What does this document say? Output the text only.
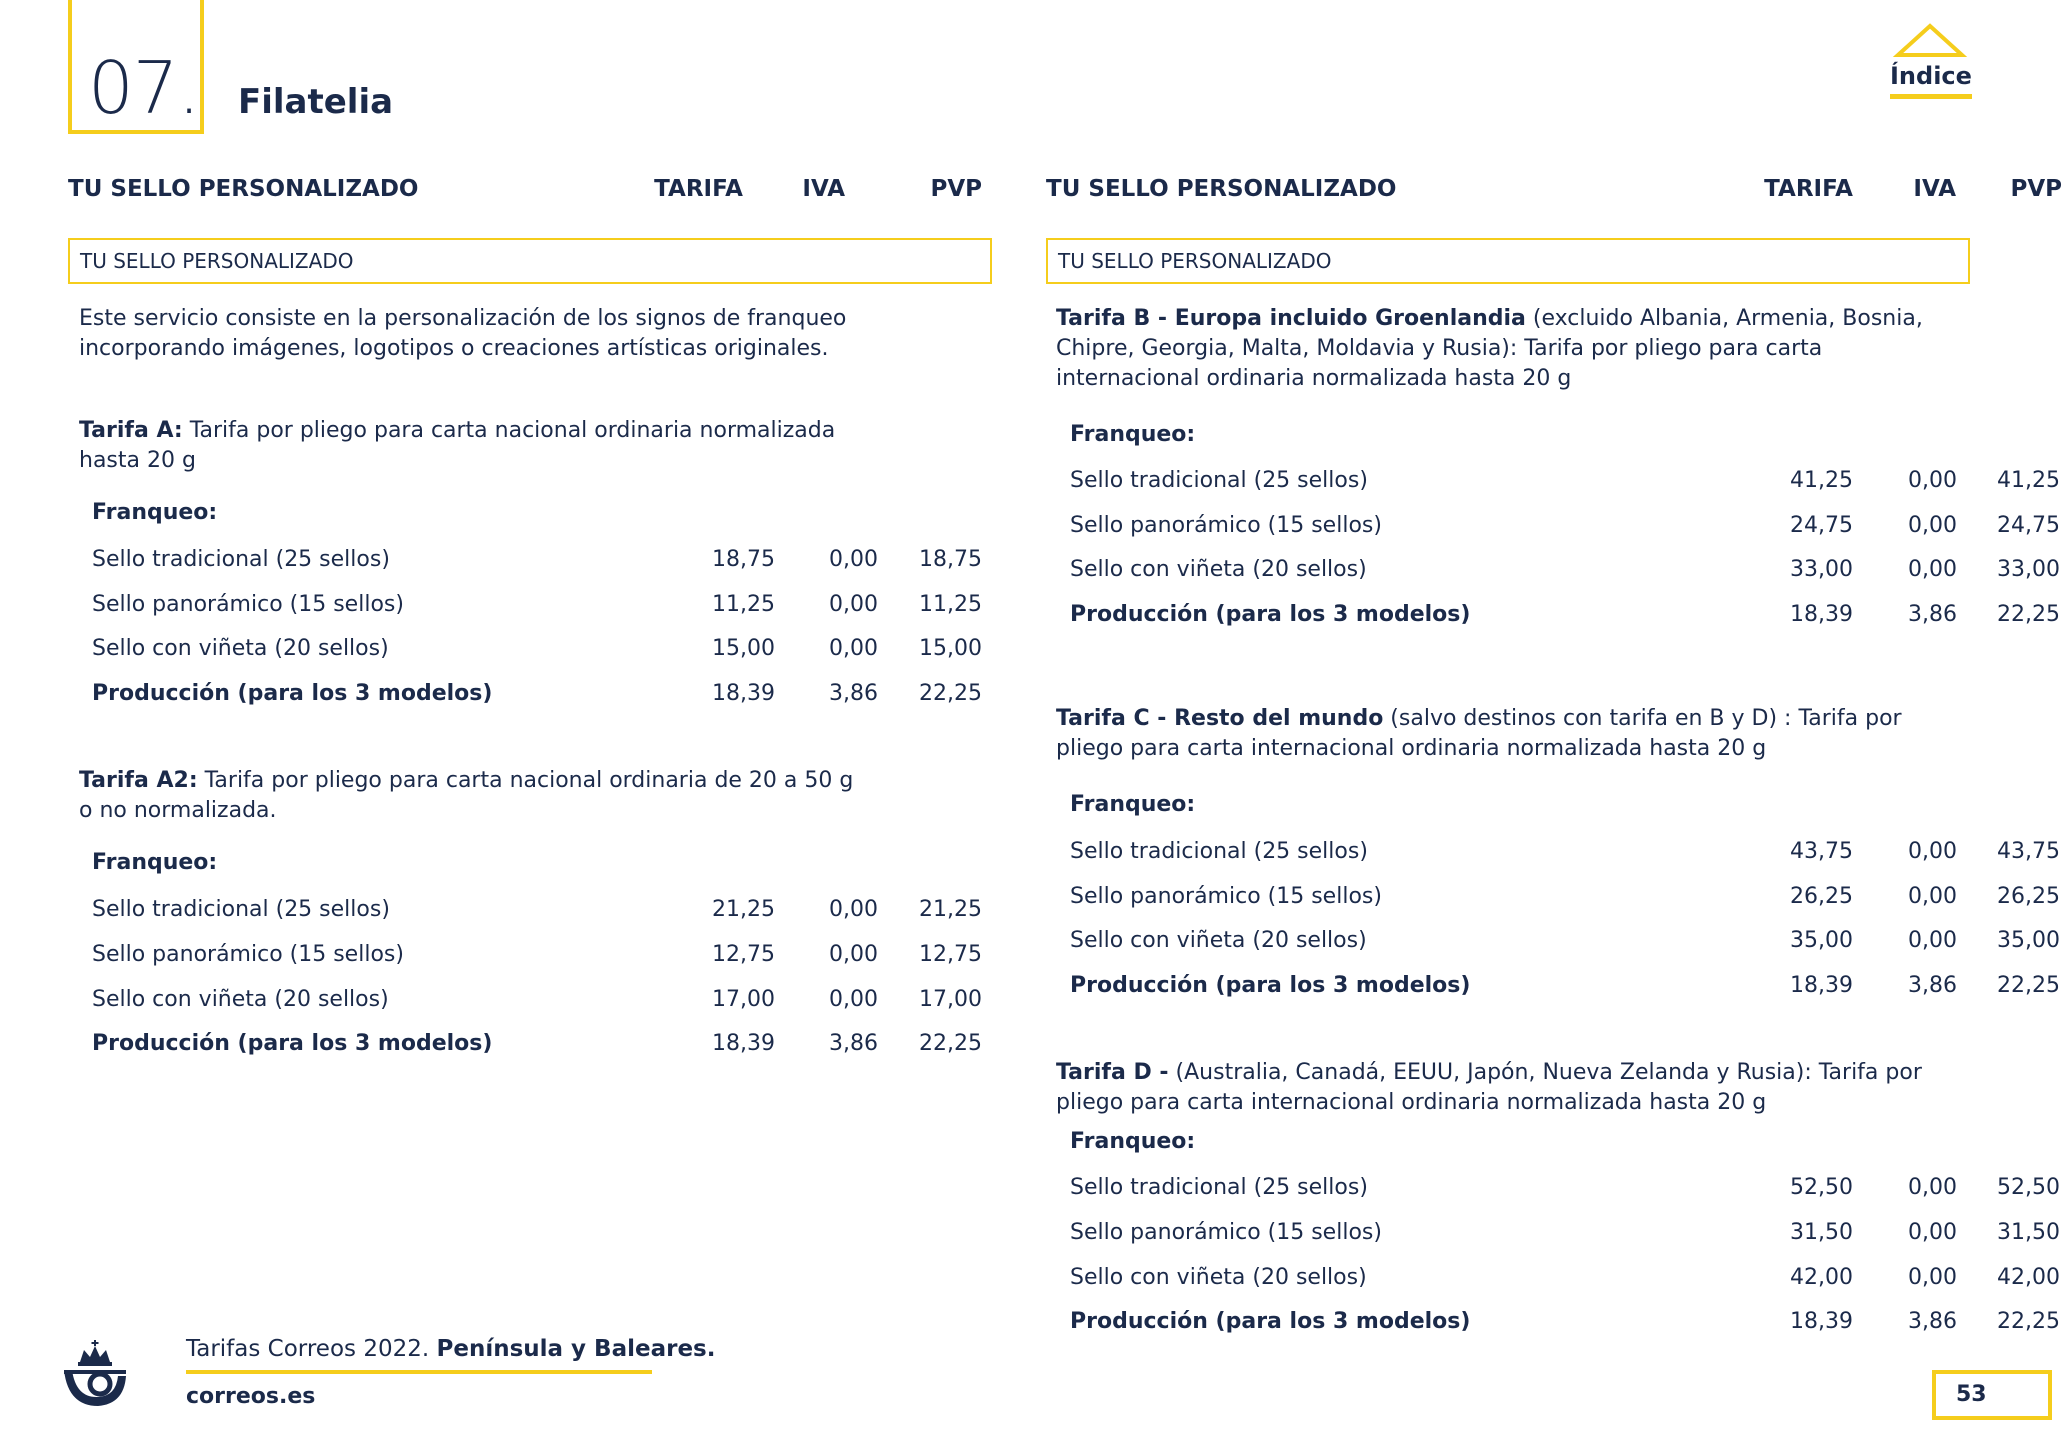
07. Filatelia
Índice
TU SELLO PERSONALIZADO	TARIFA	IVA	PVP	TU SELLO PERSONALIZADO	TARIFA	IVA	PVP
TU SELLO PERSONALIZADO	TU SELLO PERSONALIZADO
Este servicio consiste en la personalización de los signos de franqueo incorporando imágenes, logotipos o creaciones artísticas originales.
Tarifa A: Tarifa por pliego para carta nacional ordinaria normalizada hasta 20 g
Franqueo:
Sello tradicional (25 sellos)	18,75	0,00	18,75
Sello panorámico (15 sellos)	11,25	0,00	11,25
Sello con viñeta (20 sellos)	15,00	0,00	15,00
Producción (para los 3 modelos)	18,39	3,86	22,25
Tarifa A2: Tarifa por pliego para carta nacional ordinaria de 20 a 50 g o no normalizada.
Franqueo:
Sello tradicional (25 sellos)	21,25	0,00	21,25
Sello panorámico (15 sellos)	12,75	0,00	12,75
Sello con viñeta (20 sellos)	17,00	0,00	17,00
Producción (para los 3 modelos)	18,39	3,86	22,25
Tarifa B - Europa incluido Groenlandia (excluido Albania, Armenia, Bosnia, Chipre, Georgia, Malta, Moldavia y Rusia): Tarifa por pliego para carta internacional ordinaria normalizada hasta 20 g
Franqueo:
Sello tradicional (25 sellos)	41,25	0,00	41,25
Sello panorámico (15 sellos)	24,75	0,00	24,75
Sello con viñeta (20 sellos)	33,00	0,00	33,00
Producción (para los 3 modelos)	18,39	3,86	22,25
Tarifa C - Resto del mundo (salvo destinos con tarifa en B y D) : Tarifa por pliego para carta internacional ordinaria normalizada hasta 20 g
Franqueo:
Sello tradicional (25 sellos)	43,75	0,00	43,75
Sello panorámico (15 sellos)	26,25	0,00	26,25
Sello con viñeta (20 sellos)	35,00	0,00	35,00
Producción (para los 3 modelos)	18,39	3,86	22,25
Tarifa D - (Australia, Canadá, EEUU, Japón, Nueva Zelanda y Rusia): Tarifa por pliego para carta internacional ordinaria normalizada hasta 20 g
Franqueo:
Sello tradicional (25 sellos)	52,50	0,00	52,50
Sello panorámico (15 sellos)	31,50	0,00	31,50
Sello con viñeta (20 sellos)	42,00	0,00	42,00
Producción (para los 3 modelos)	18,39	3,86	22,25
Tarifas Correos 2022. Península y Baleares.
correos.es	53
